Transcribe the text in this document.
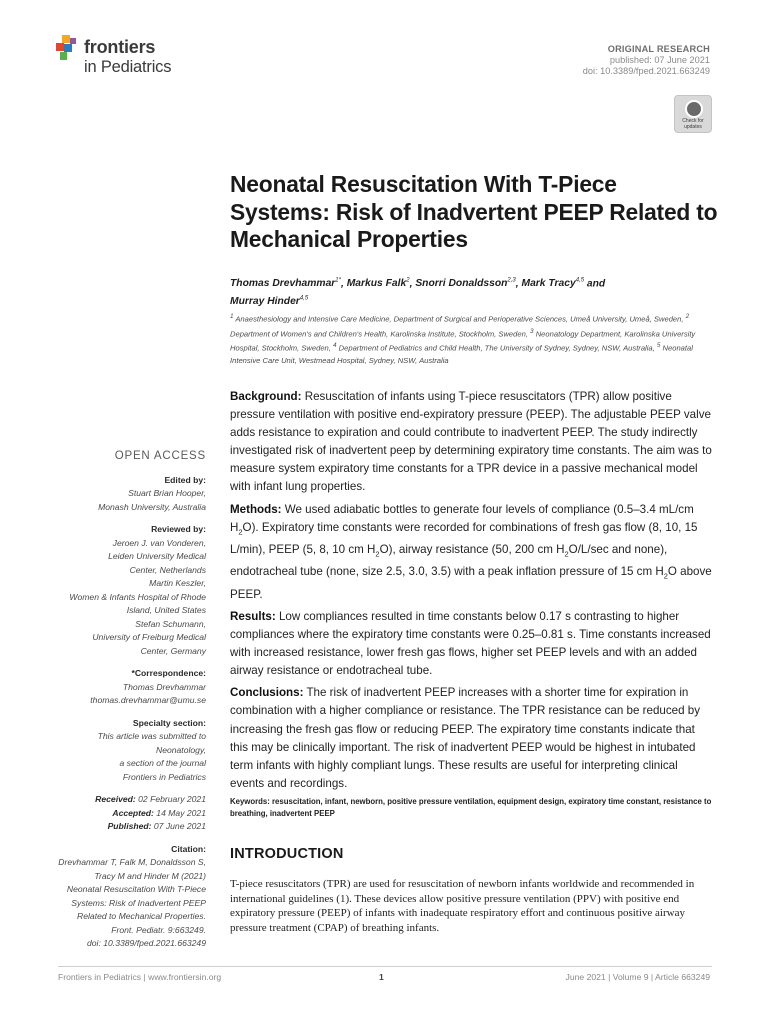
frontiers
in Pediatrics
ORIGINAL RESEARCH
published: 07 June 2021
doi: 10.3389/fped.2021.663249
Check for updates
Neonatal Resuscitation With T-Piece Systems: Risk of Inadvertent PEEP Related to Mechanical Properties
Thomas Drevhammar$^{1*}$, Markus Falk$^2$, Snorri Donaldsson$^{2,3}$, Mark Tracy$^{4,5}$ and
Murray Hinder$^{4,5}$
$^1$ Anaesthesiology and Intensive Care Medicine, Department of Surgical and Perioperative Sciences, Umeå University, Umeå, Sweden, $^2$ Department of Women's and Children's Health, Karolinska Institute, Stockholm, Sweden, $^3$ Neonatology Department, Karolinska University Hospital, Stockholm, Sweden, $^4$ Department of Pediatrics and Child Health, The University of Sydney, Sydney, NSW, Australia, $^5$ Neonatal Intensive Care Unit, Westmead Hospital, Sydney, NSW, Australia

Background: Resuscitation of infants using T-piece resuscitators (TPR) allow positive pressure ventilation with positive end-expiratory pressure (PEEP). The adjustable PEEP valve adds resistance to expiration and could contribute to inadvertent PEEP. The study indirectly investigated risk of inadvertent peep by determining expiratory time constants. The aim was to measure system expiratory time constants for a TPR device in a passive mechanical model with infant lung properties.

Methods: We used adiabatic bottles to generate four levels of compliance (0.5–3.4 mL/cm $H_2O$). Expiratory time constants were recorded for combinations of fresh gas flow (8, 10, 15 L/min), PEEP (5, 8, 10 cm $H_2O$), airway resistance (50, 200 cm $H_2O/L/\sec$ and none), endotracheal tube (none, size 2.5, 3.0, 3.5) with a peak inflation pressure of 15 cm $H_2O$ above PEEP.

Results: Low compliances resulted in time constants below 0.17 s contrasting to higher compliances where the expiratory time constants were 0.25–0.81 s. Time constants increased with increased resistance, lower fresh gas flows, higher set PEEP levels and with an added airway resistance or endotracheal tube.

Conclusions: The risk of inadvertent PEEP increases with a shorter time for expiration in combination with a higher compliance or resistance. The TPR resistance can be reduced by increasing the fresh gas flow or reducing PEEP. The expiratory time constants indicate that this may be clinically important. The risk of inadvertent PEEP would be highest in intubated term infants with highly compliant lungs. These results are useful for interpreting clinical events and recordings.

Keywords: resuscitation, infant, newborn, positive pressure ventilation, equipment design, expiratory time constant, resistance to breathing, inadvertent PEEP
INTRODUCTION
T-piece resuscitators (TPR) are used for resuscitation of newborn infants worldwide and recommended in international guidelines (1). These devices allow positive pressure ventilation (PPV) with positive end expiratory pressure (PEEP) of infants with inadequate respiratory effort and continuous positive airway pressure treatment (CPAP) of breathing infants.
OPEN ACCESS
Edited by:
Stuart Brian Hooper,
Monash University, Australia
Reviewed by:
Jeroen J. van Vonderen,
Leiden University Medical
Center, Netherlands
Martin Keszler,
Women & Infants Hospital of Rhode
Island, United States
Stefan Schumann,
University of Freiburg Medical
Center, Germany
*Correspondence:
Thomas Drevhammar
thomas.drevhammar@umu.se
Specialty section:
This article was submitted to
Neonatology,
a section of the journal
Frontiers in Pediatrics
Received: 02 February 2021
Accepted: 14 May 2021
Published: 07 June 2021
Citation:
Drevhammar T, Falk M, Donaldsson S,
Tracy M and Hinder M (2021)
Neonatal Resuscitation With T-Piece
Systems: Risk of Inadvertent PEEP
Related to Mechanical Properties.
Front. Pediatr. 9:663249.
doi: 10.3389/fped.2021.663249
Frontiers in Pediatrics | www.frontiersin.org	1	June 2021 | Volume 9 | Article 663249
